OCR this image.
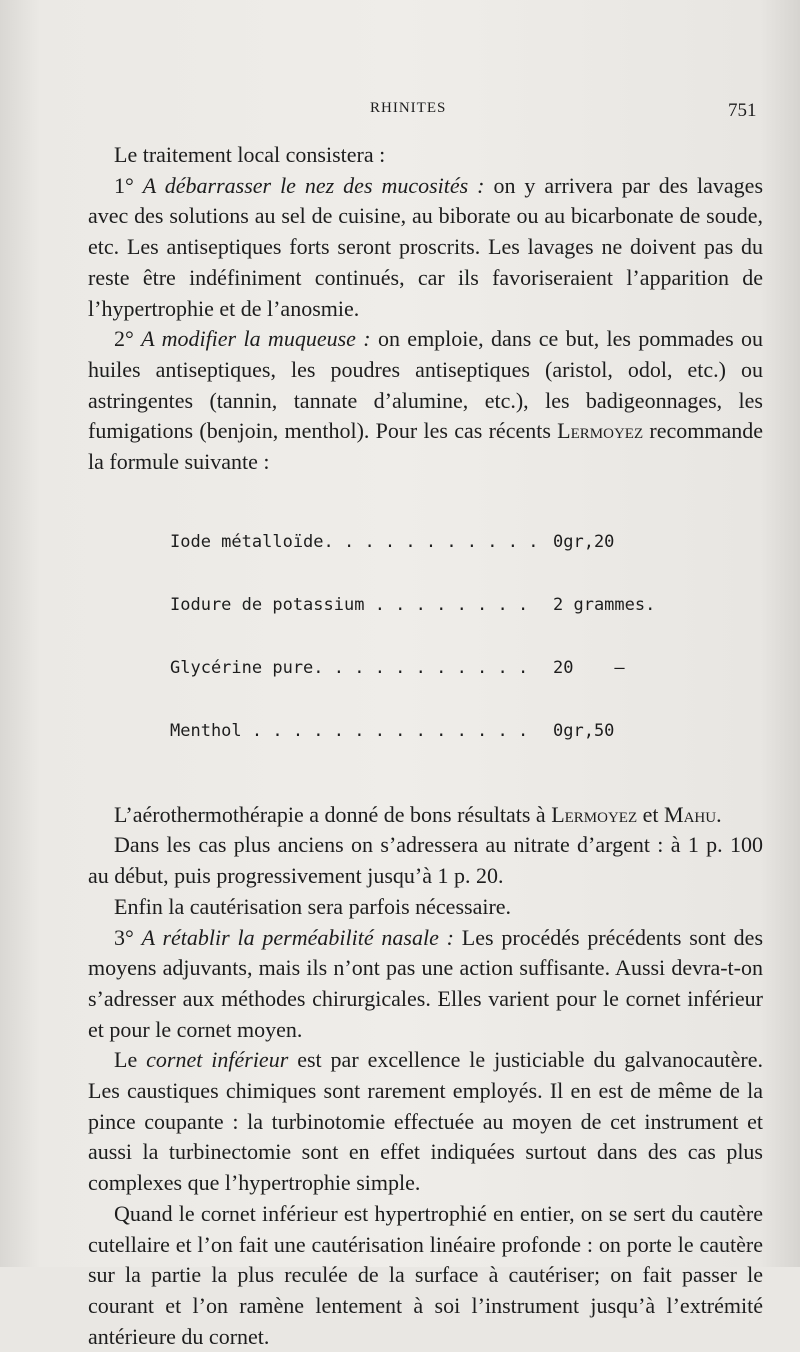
RHINITES	751

Le traitement local consistera :

1° A débarrasser le nez des mucosités : on y arrivera par des lavages avec des solutions au sel de cuisine, au biborate ou au bicarbonate de soude, etc. Les antiseptiques forts seront proscrits. Les lavages ne doivent pas du reste être indéfiniment continués, car ils favoriseraient l’apparition de l’hypertrophie et de l’anosmie.

2° A modifier la muqueuse : on emploie, dans ce but, les pommades ou huiles antiseptiques, les poudres antiseptiques (aristol, odol, etc.) ou astringentes (tannin, tannate d’alumine, etc.), les badigeonnages, les fumigations (benjoin, menthol). Pour les cas récents Lermoyez recommande la formule suivante :

Iode métalloïde. . . . . . . . . . . 0gr,20

Iodure de potassium . . . . . . . . 2 grammes.

Glycérine pure. . . . . . . . . . . 20    —

Menthol . . . . . . . . . . . . . . 0gr,50

L’aérothermothérapie a donné de bons résultats à Lermoyez et Mahu.

Dans les cas plus anciens on s’adressera au nitrate d’argent : à 1 p. 100 au début, puis progressivement jusqu’à 1 p. 20.

Enfin la cautérisation sera parfois nécessaire.

3° A rétablir la perméabilité nasale : Les procédés précédents sont des moyens adjuvants, mais ils n’ont pas une action suffisante. Aussi devra-t-on s’adresser aux méthodes chirurgicales. Elles varient pour le cornet inférieur et pour le cornet moyen.

Le cornet inférieur est par excellence le justiciable du galvanocautère. Les caustiques chimiques sont rarement employés. Il en est de même de la pince coupante : la turbinotomie effectuée au moyen de cet instrument et aussi la turbinectomie sont en effet indiquées surtout dans des cas plus complexes que l’hypertrophie simple.

Quand le cornet inférieur est hypertrophié en entier, on se sert du cautère cutellaire et l’on fait une cautérisation linéaire profonde : on porte le cautère sur la partie la plus reculée de la surface à cautériser; on fait passer le courant et l’on ramène lentement à soi l’instrument jusqu’à l’extrémité antérieure du cornet.
